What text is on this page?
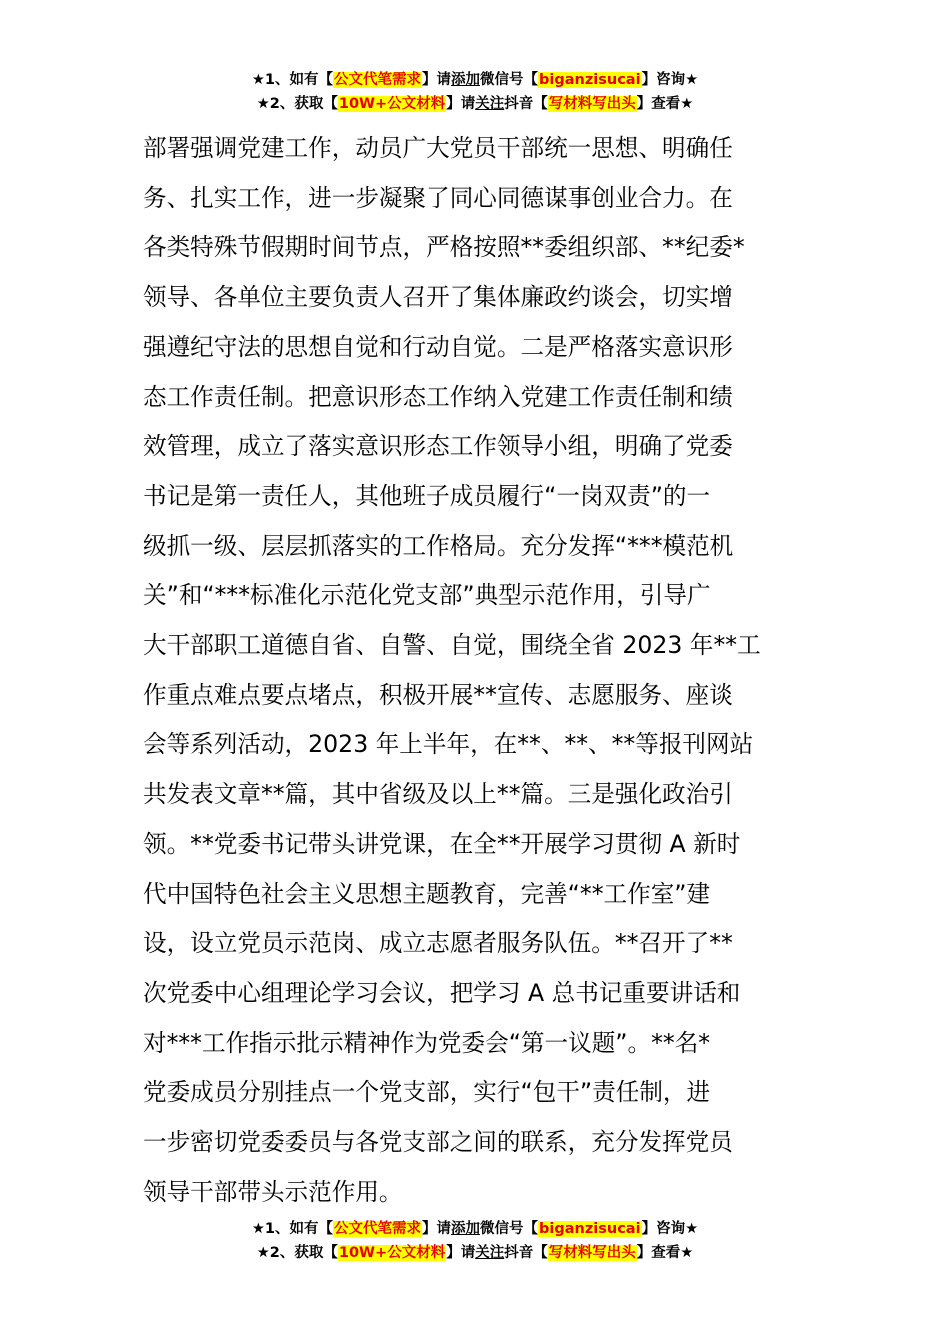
★1、如有【公文代笔需求】请添加微信号【biganzisucai】咨询★
★2、获取【10W+公文材料】请关注抖音【写材料写出头】查看★
部署强调党建工作，动员广大党员干部统一思想、明确任
务、扎实工作，进一步凝聚了同心同德谋事创业合力。在
各类特殊节假期时间节点，严格按照**委组织部、**纪委*
领导、各单位主要负责人召开了集体廉政约谈会，切实增
强遵纪守法的思想自觉和行动自觉。二是严格落实意识形
态工作责任制。把意识形态工作纳入党建工作责任制和绩
效管理，成立了落实意识形态工作领导小组，明确了党委
书记是第一责任人，其他班子成员履行“一岗双责”的一
级抓一级、层层抓落实的工作格局。充分发挥“***模范机
关”和“***标准化示范化党支部”典型示范作用，引导广
大干部职工道德自省、自警、自觉，围绕全省 2023 年**工
作重点难点要点堵点，积极开展**宣传、志愿服务、座谈
会等系列活动，2023 年上半年，在**、**、**等报刊网站
共发表文章**篇，其中省级及以上**篇。三是强化政治引
领。**党委书记带头讲党课，在全**开展学习贯彻 A 新时
代中国特色社会主义思想主题教育，完善“**工作室”建
设，设立党员示范岗、成立志愿者服务队伍。**召开了**
次党委中心组理论学习会议，把学习 A 总书记重要讲话和
对***工作指示批示精神作为党委会“第一议题”。**名*
党委成员分别挂点一个党支部，实行“包干”责任制，进
一步密切党委委员与各党支部之间的联系，充分发挥党员
领导干部带头示范作用。
★1、如有【公文代笔需求】请添加微信号【biganzisucai】咨询★
★2、获取【10W+公文材料】请关注抖音【写材料写出头】查看★
